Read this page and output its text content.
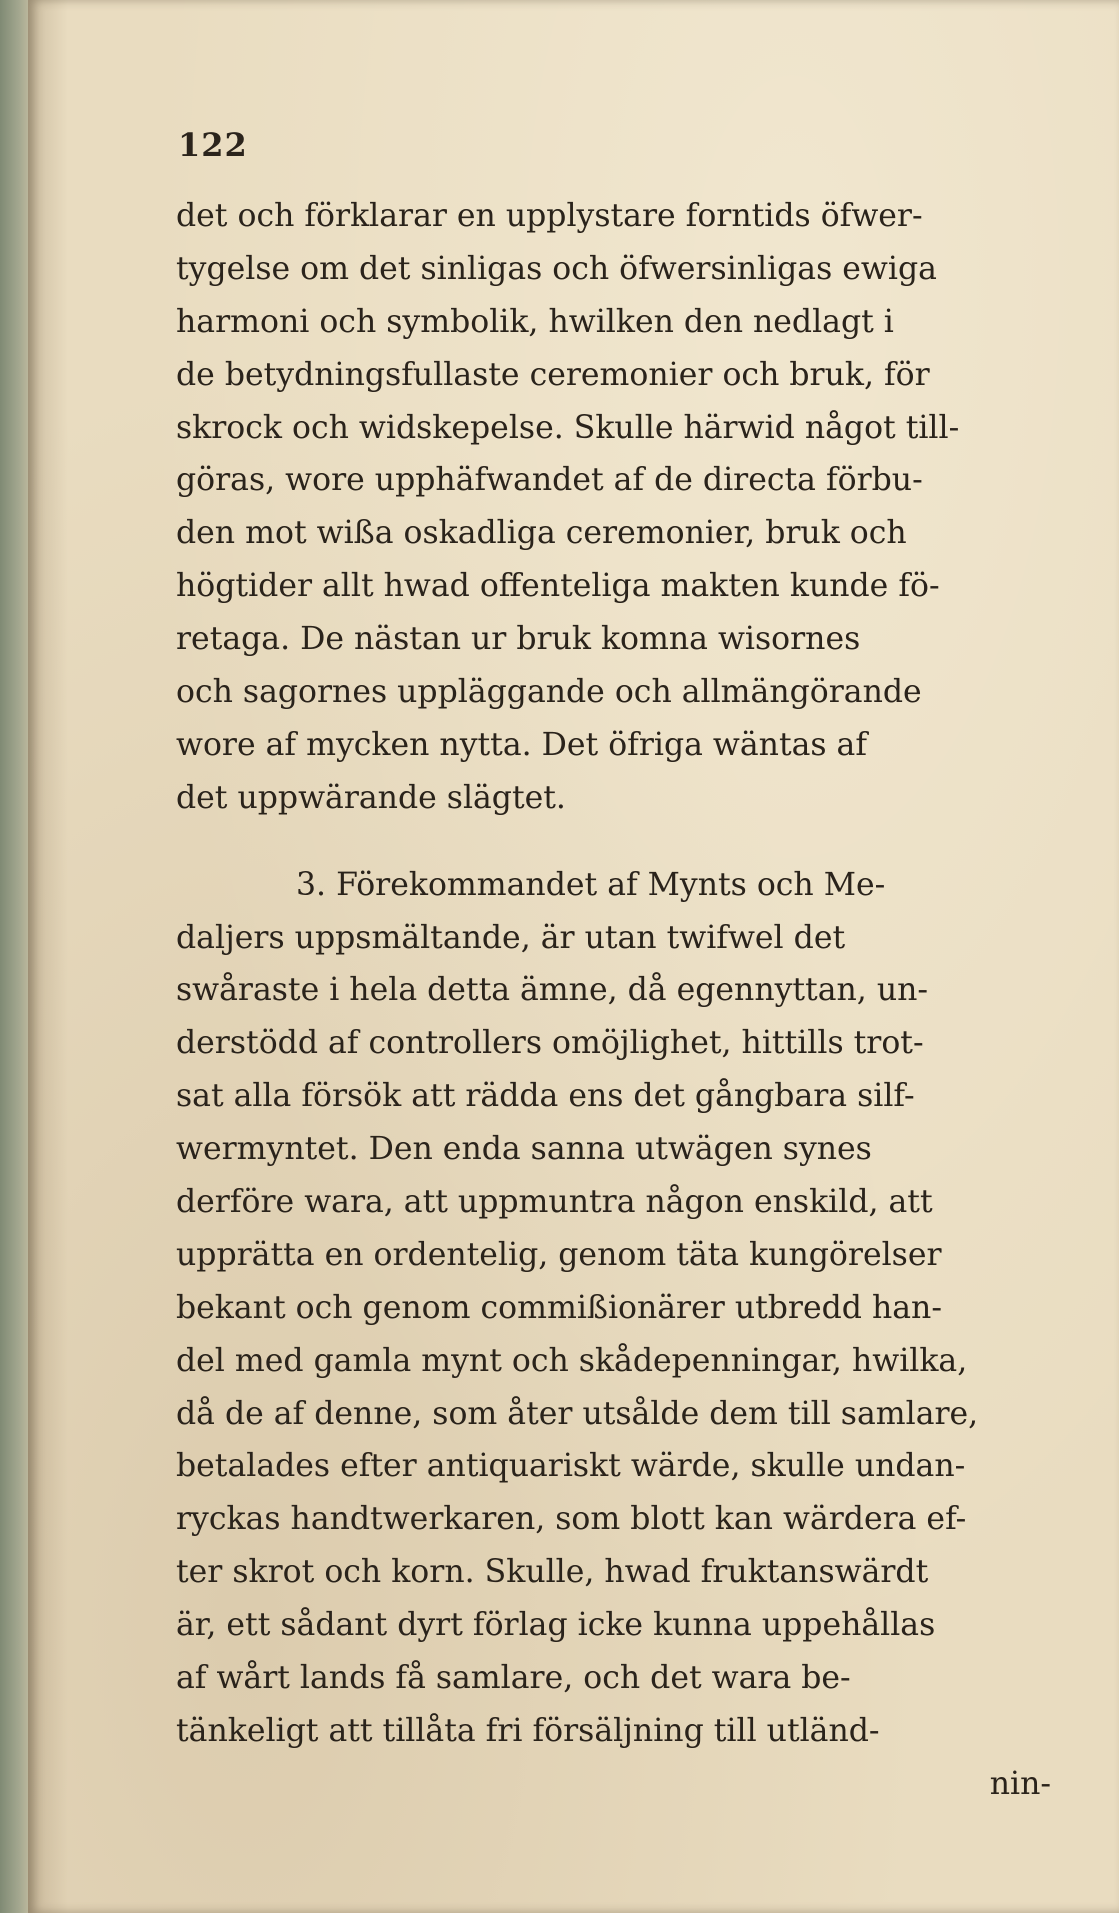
122
det och förklarar en upplystare forntids öfwer-
tygelse om det sinligas och öfwersinligas ewiga
harmoni och symbolik, hwilken den nedlagt i
de betydningsfullaste ceremonier och bruk, för
skrock och widskepelse. Skulle härwid något till-
göras, wore upphäfwandet af de directa förbu-
den mot wißa oskadliga ceremonier, bruk och
högtider allt hwad offenteliga makten kunde fö-
retaga. De nästan ur bruk komna wisornes
och sagornes uppläggande och allmängörande
wore af mycken nytta. Det öfriga wäntas af
det uppwärande slägtet.
3. Förekommandet af Mynts och Me-
daljers uppsmältande, är utan twifwel det
swåraste i hela detta ämne, då egennyttan, un-
derstödd af controllers omöjlighet, hittills trot-
sat alla försök att rädda ens det gångbara silf-
wermyntet. Den enda sanna utwägen synes
derföre wara, att uppmuntra någon enskild, att
upprätta en ordentelig, genom täta kungörelser
bekant och genom commißionärer utbredd han-
del med gamla mynt och skådepenningar, hwilka,
då de af denne, som åter utsålde dem till samlare,
betalades efter antiquariskt wärde, skulle undan-
ryckas handtwerkaren, som blott kan wärdera ef-
ter skrot och korn. Skulle, hwad fruktanswärdt
är, ett sådant dyrt förlag icke kunna uppehållas
af wårt lands få samlare, och det wara be-
tänkeligt att tillåta fri försäljning till utländ-
nin-
